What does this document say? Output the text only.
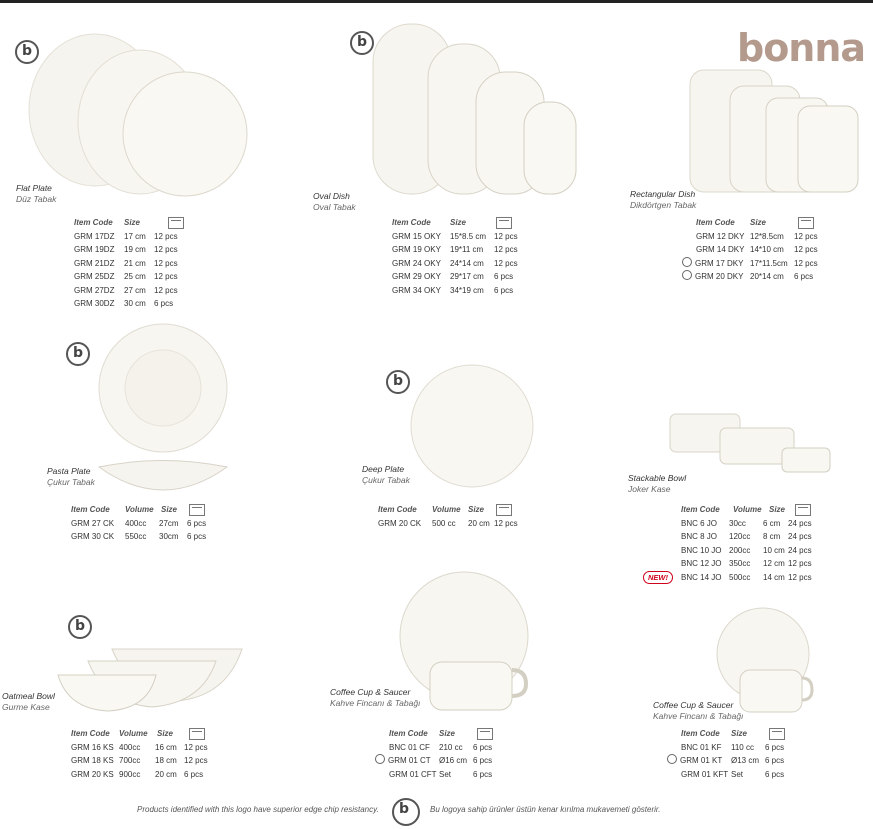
bonna
b
b
b
b
b
Flat Plate
Düz Tabak	Oval Dish
Oval Tabak
Rectangular Dish
Dikdörtgen Tabak
Pasta Plate
Çukur Tabak
Deep Plate
Çukur Tabak	Stackable Bowl
Joker Kase
Oatmeal Bowl
Gurme Kase
Coffee Cup & Saucer
Kahve Fincanı & Tabağı	Coffee Cup & Saucer
Kahve Fincanı & Tabağı
Item Code	Size
GRM 17DZ	17 cm	12 pcs
GRM 19DZ	19 cm	12 pcs
GRM 21DZ	21 cm	12 pcs
GRM 25DZ	25 cm	12 pcs
GRM 27DZ	27 cm	12 pcs
GRM 30DZ	30 cm	6 pcs
Item Code	Size
GRM 15 OKY	15*8.5 cm 12 pcs
GRM 19 OKY	19*11 cm	12 pcs
GRM 24 OKY	24*14 cm	12 pcs
GRM 29 OKY	29*17 cm	6 pcs
GRM 34 OKY	34*19 cm	6 pcs
Item Code	Size
GRM 12 DKY 12*8.5cm	12 pcs
GRM 14 DKY 14*10 cm	12 pcs
GRM 17 DKY 17*11.5cm 12 pcs
GRM 20 DKY 20*14 cm	6 pcs
Item Code	Volume Size
GRM 27 CK	400cc	27cm	6 pcs
GRM 30 CK	550cc	30cm	6 pcs
Item Code	Volume Size
GRM 20 CK	500 cc	20 cm 12 pcs
Item Code	Volume Size
BNC 6 JO	30cc	6 cm 24 pcs
BNC 8 JO	120cc	8 cm 24 pcs
BNC 10 JO 200cc	10 cm 24 pcs
BNC 12 JO 350cc	12 cm 12 pcs
BNC 14 JO 500cc	14 cm 12 pcs
NEW!
Item Code	Volume	Size
GRM 16 KS 400cc	16 cm 12 pcs
GRM 18 KS 700cc	18 cm 12 pcs
GRM 20 KS 900cc	20 cm 6 pcs
Item Code	Size
BNC 01 CF	210 cc	6 pcs
GRM 01 CT	Ø16 cm 6 pcs
GRM 01 CFT Set	6 pcs
Item Code	Size
BNC 01 KF	110 cc	6 pcs
GRM 01 KT	Ø13 cm 6 pcs
GRM 01 KFT Set	6 pcs
Products identified with this logo have superior edge chip resistancy.
b	Bu logoya sahip ürünler üstün kenar kırılma mukavemeti gösterir.
